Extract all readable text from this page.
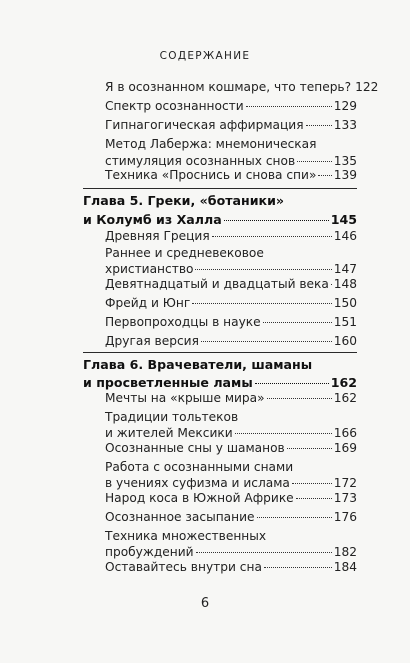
СОДЕРЖАНИЕ
Я в осознанном кошмаре, что теперь? 122
Спектр осознанности	129
Гипнагогическая аффирмация 133
Метод Лабержа: мнемоническая
стимуляция осознанных снов	135
Техника «Проснись и снова спи» 139
Глава 5. Греки, «ботаники»
и Колумб из Халла	145
Древняя Греция	146
Раннее и средневековое
христианство	147
Девятнадцатый и двадцатый века 148
Фрейд и Юнг	150
Первопроходцы в науке	151
Другая версия	160
Глава 6. Врачеватели, шаманы
и просветленные ламы	162
Мечты на «крыше мира»	162
Традиции тольтеков
и жителей Мексики	166
Осознанные сны у шаманов	169
Работа с осознанными снами
в учениях суфизма и ислама	172
Народ коса в Южной Африке	173
Осознанное засыпание	176
Техника множественных
пробуждений	182
Оставайтесь внутри сна	184
6
